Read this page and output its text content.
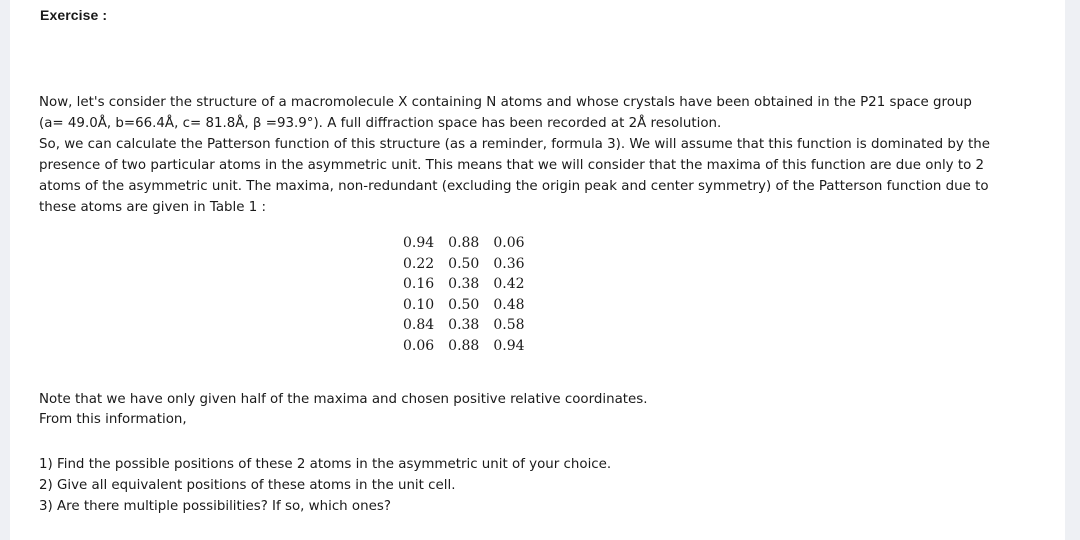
Exercise :

Now, let's consider the structure of a macromolecule X containing N atoms and whose crystals have been obtained in the P21 space group
(a= 49.0Å, b=66.4Å, c= 81.8Å, β =93.9°). A full diffraction space has been recorded at 2Å resolution.

So, we can calculate the Patterson function of this structure (as a reminder, formula 3). We will assume that this function is dominated by the
presence of two particular atoms in the asymmetric unit. This means that we will consider that the maxima of this function are due only to 2
atoms of the asymmetric unit. The maxima, non-redundant (excluding the origin peak and center symmetry) of the Patterson function due to
these atoms are given in Table 1 :

0.94	0.88	0.06
0.22	0.50	0.36
0.16	0.38	0.42
0.10	0.50	0.48
0.84	0.38	0.58
0.06	0.88	0.94

Note that we have only given half of the maxima and chosen positive relative coordinates.

From this information,

1) Find the possible positions of these 2 atoms in the asymmetric unit of your choice.

2) Give all equivalent positions of these atoms in the unit cell.

3) Are there multiple possibilities? If so, which ones?
